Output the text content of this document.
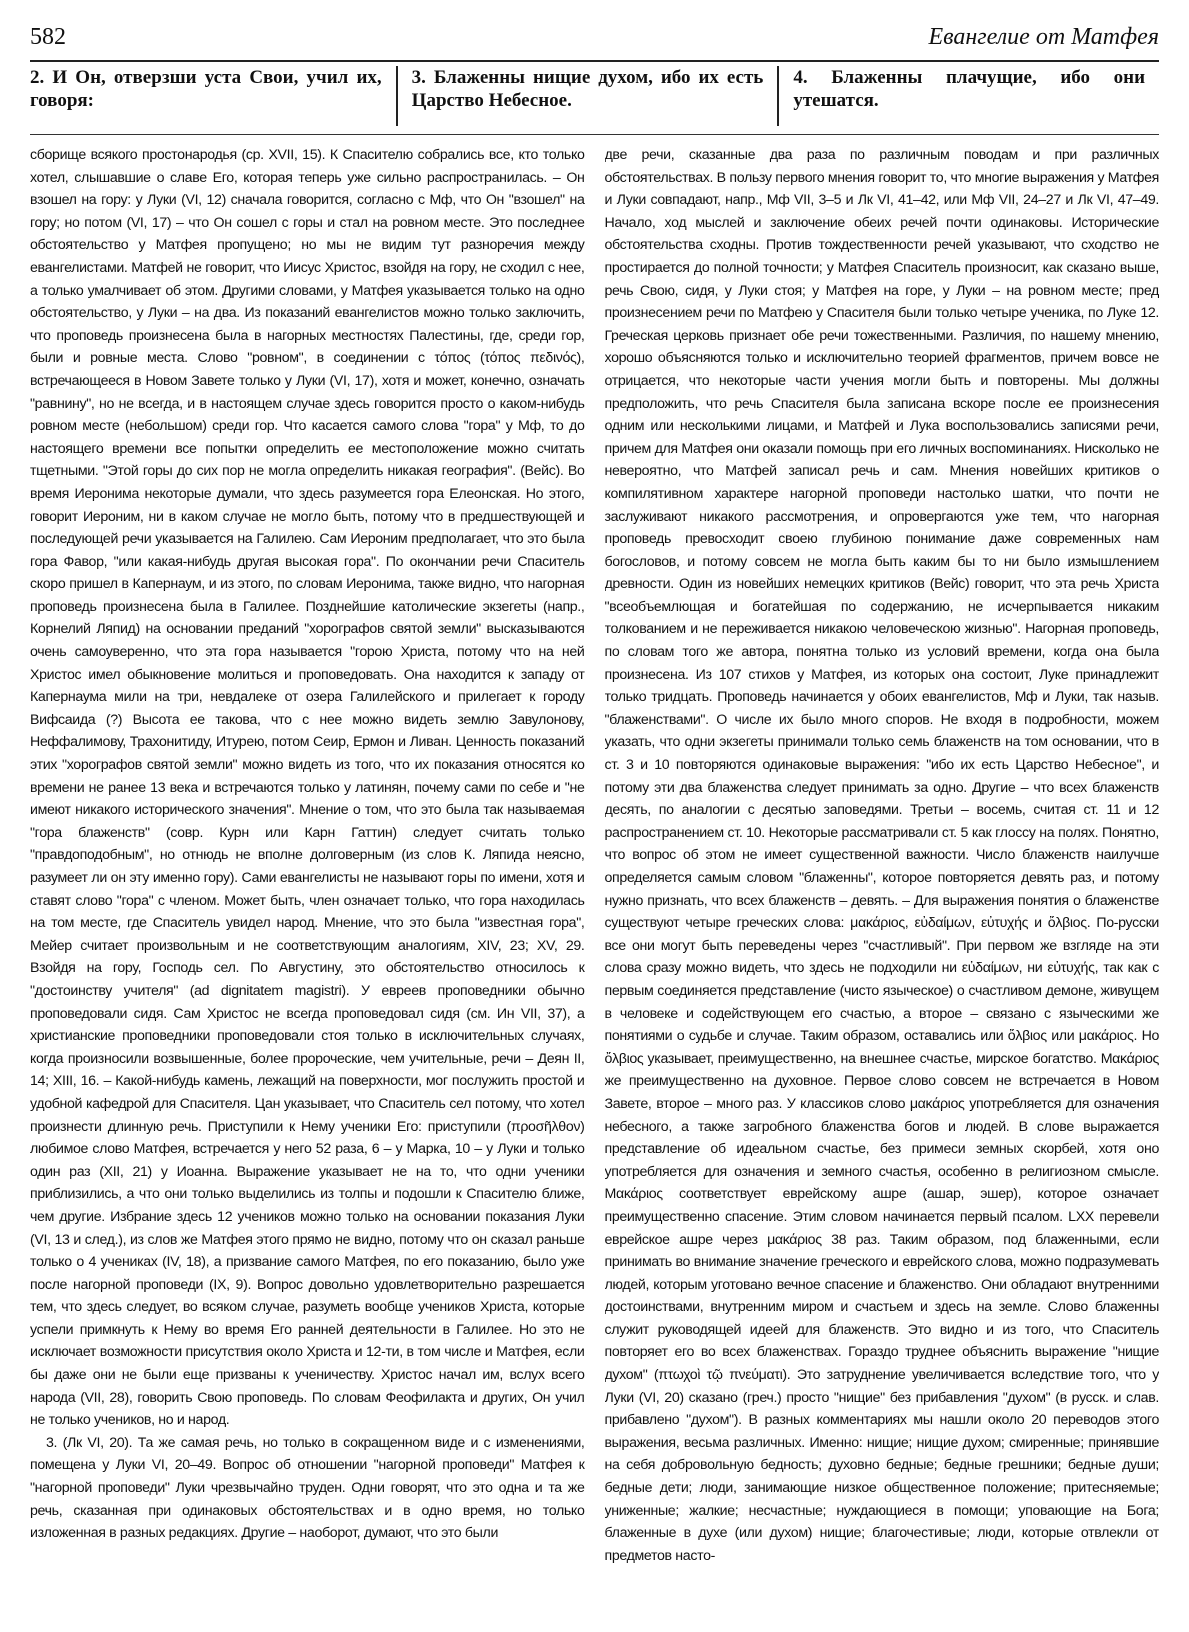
582	Евангелие от Матфея
2. И Он, отверзши уста Свои, учил их, говоря:
3. Блаженны нищие духом, ибо их есть Царство Небесное.
4. Блаженны плачущие, ибо они утешатся.

сборище всякого простонародья (ср. XVII, 15). К Спасителю собрались все, кто только хотел, слышавшие о славе Его, которая теперь уже сильно распространилась. – Он взошел на гору: у Луки (VI, 12) сначала говорится, согласно с Мф, что Он "взошел" на гору; но потом (VI, 17) – что Он сошел с горы и стал на ровном месте. Это последнее обстоятельство у Матфея пропущено; но мы не видим тут разноречия между евангелистами. Матфей не говорит, что Иисус Христос, взойдя на гору, не сходил с нее, а только умалчивает об этом. Другими словами, у Матфея указывается только на одно обстоятельство, у Луки – на два. Из показаний евангелистов можно только заключить, что проповедь произнесена была в нагорных местностях Палестины, где, среди гор, были и ровные места. Слово "ровном", в соединении с τόπος (τόπος πεδινός), встречающееся в Новом Завете только у Луки (VI, 17), хотя и может, конечно, означать "равнину", но не всегда, и в настоящем случае здесь говорится просто о каком-нибудь ровном месте (небольшом) среди гор. Что касается самого слова "гора" у Мф, то до настоящего времени все попытки определить ее местоположение можно считать тщетными. "Этой горы до сих пор не могла определить никакая география". (Вейс). Во время Иеронима некоторые думали, что здесь разумеется гора Елеонская. Но этого, говорит Иероним, ни в каком случае не могло быть, потому что в предшествующей и последующей речи указывается на Галилею. Сам Иероним предполагает, что это была гора Фавор, "или какая-нибудь другая высокая гора". По окончании речи Спаситель скоро пришел в Капернаум, и из этого, по словам Иеронима, также видно, что нагорная проповедь произнесена была в Галилее. Позднейшие католические экзегеты (напр., Корнелий Ляпид) на основании преданий "хорографов святой земли" высказываются очень самоуверенно, что эта гора называется "горою Христа, потому что на ней Христос имел обыкновение молиться и проповедовать. Она находится к западу от Капернаума мили на три, невдалеке от озера Галилейского и прилегает к городу Вифсаида (?) Высота ее такова, что с нее можно видеть землю Завулонову, Неффалимову, Трахонитиду, Итурею, потом Сеир, Ермон и Ливан. Ценность показаний этих "хорографов святой земли" можно видеть из того, что их показания относятся ко времени не ранее 13 века и встречаются только у латинян, почему сами по себе и "не имеют никакого исторического значения". Мнение о том, что это была так называемая "гора блаженств" (совр. Курн или Карн Гаттин) следует считать только "правдоподобным", но отнюдь не вполне долговерным (из слов К. Ляпида неясно, разумеет ли он эту именно гору). Сами евангелисты не называют горы по имени, хотя и ставят слово "гора" с членом. Может быть, член означает только, что гора находилась на том месте, где Спаситель увидел народ. Мнение, что это была "известная гора", Мейер считает произвольным и не соответствующим аналогиям, XIV, 23; XV, 29. Взойдя на гору, Господь сел. По Августину, это обстоятельство относилось к "достоинству учителя" (ad dignitatem magistri). У евреев проповедники обычно проповедовали сидя. Сам Христос не всегда проповедовал сидя (см. Ин VII, 37), а христианские проповедники проповедовали стоя только в исключительных случаях, когда произносили возвышенные, более пророческие, чем учительные, речи – Деян II, 14; XIII, 16. – Какой-нибудь камень, лежащий на поверхности, мог послужить простой и удобной кафедрой для Спасителя. Цан указывает, что Спаситель сел потому, что хотел произнести длинную речь. Приступили к Нему ученики Его: приступили (προσῆλθον) любимое слово Матфея, встречается у него 52 раза, 6 – у Марка, 10 – у Луки и только один раз (XII, 21) у Иоанна. Выражение указывает не на то, что одни ученики приблизились, а что они только выделились из толпы и подошли к Спасителю ближе, чем другие. Избрание здесь 12 учеников можно только на основании показания Луки (VI, 13 и след.), из слов же Матфея этого прямо не видно, потому что он сказал раньше только о 4 учениках (IV, 18), а призвание самого Матфея, по его показанию, было уже после нагорной проповеди (IX, 9). Вопрос довольно удовлетворительно разрешается тем, что здесь следует, во всяком случае, разуметь вообще учеников Христа, которые успели примкнуть к Нему во время Его ранней деятельности в Галилее. Но это не исключает возможности присутствия около Христа и 12-ти, в том числе и Матфея, если бы даже они не были еще призваны к ученичеству. Христос начал им, вслух всего народа (VII, 28), говорить Свою проповедь. По словам Феофилакта и других, Он учил не только учеников, но и народ.

3. (Лк VI, 20). Та же самая речь, но только в сокращенном виде и с изменениями, помещена у Луки VI, 20–49. Вопрос об отношении "нагорной проповеди" Матфея к "нагорной проповеди" Луки чрезвычайно труден. Одни говорят, что это одна и та же речь, сказанная при одинаковых обстоятельствах и в одно время, но только изложенная в разных редакциях. Другие – наоборот, думают, что это были

две речи, сказанные два раза по различным поводам и при различных обстоятельствах. В пользу первого мнения говорит то, что многие выражения у Матфея и Луки совпадают, напр., Мф VII, 3–5 и Лк VI, 41–42, или Мф VII, 24–27 и Лк VI, 47–49. Начало, ход мыслей и заключение обеих речей почти одинаковы. Исторические обстоятельства сходны. Против тождественности речей указывают, что сходство не простирается до полной точности; у Матфея Спаситель произносит, как сказано выше, речь Свою, сидя, у Луки стоя; у Матфея на горе, у Луки – на ровном месте; пред произнесением речи по Матфею у Спасителя были только четыре ученика, по Луке 12. Греческая церковь признает обе речи тожественными. Различия, по нашему мнению, хорошо объясняются только и исключительно теорией фрагментов, причем вовсе не отрицается, что некоторые части учения могли быть и повторены. Мы должны предположить, что речь Спасителя была записана вскоре после ее произнесения одним или несколькими лицами, и Матфей и Лука воспользовались записями речи, причем для Матфея они оказали помощь при его личных воспоминаниях. Нисколько не невероятно, что Матфей записал речь и сам. Мнения новейших критиков о компилятивном характере нагорной проповеди настолько шатки, что почти не заслуживают никакого рассмотрения, и опровергаются уже тем, что нагорная проповедь превосходит своею глубиною понимание даже современных нам богословов, и потому совсем не могла быть каким бы то ни было измышлением древности. Один из новейших немецких критиков (Вейс) говорит, что эта речь Христа "всеобъемлющая и богатейшая по содержанию, не исчерпывается никаким толкованием и не переживается никакою человеческою жизнью". Нагорная проповедь, по словам того же автора, понятна только из условий времени, когда она была произнесена. Из 107 стихов у Матфея, из которых она состоит, Луке принадлежит только тридцать. Проповедь начинается у обоих евангелистов, Мф и Луки, так назыв. "блаженствами". О числе их было много споров. Не входя в подробности, можем указать, что одни экзегеты принимали только семь блаженств на том основании, что в ст. 3 и 10 повторяются одинаковые выражения: "ибо их есть Царство Небесное", и потому эти два блаженства следует принимать за одно. Другие – что всех блаженств десять, по аналогии с десятью заповедями. Третьи – восемь, считая ст. 11 и 12 распространением ст. 10. Некоторые рассматривали ст. 5 как глоссу на полях. Понятно, что вопрос об этом не имеет существенной важности. Число блаженств наилучше определяется самым словом "блаженны", которое повторяется девять раз, и потому нужно признать, что всех блаженств – девять. – Для выражения понятия о блаженстве существуют четыре греческих слова: μακάριος, εὐδαίμων, εὐτυχής и ὄλβιος. По-русски все они могут быть переведены через "счастливый". При первом же взгляде на эти слова сразу можно видеть, что здесь не подходили ни εὐδαίμων, ни εὐτυχής, так как с первым соединяется представление (чисто языческое) о счастливом демоне, живущем в человеке и содействующем его счастью, а второе – связано с языческими же понятиями о судьбе и случае. Таким образом, оставались или ὄλβιος или μακάριος. Но ὄλβιος указывает, преимущественно, на внешнее счастье, мирское богатство. Μακάριος же преимущественно на духовное. Первое слово совсем не встречается в Новом Завете, второе – много раз. У классиков слово μακάριος употребляется для означения небесного, а также загробного блаженства богов и людей. В слове выражается представление об идеальном счастье, без примеси земных скорбей, хотя оно употребляется для означения и земного счастья, особенно в религиозном смысле. Μακάριος соответствует еврейскому ашре (ашар, эшер), которое означает преимущественно спасение. Этим словом начинается первый псалом. LXX перевели еврейское ашре через μακάριος 38 раз. Таким образом, под блаженными, если принимать во внимание значение греческого и еврейского слова, можно подразумевать людей, которым уготовано вечное спасение и блаженство. Они обладают внутренними достоинствами, внутренним миром и счастьем и здесь на земле. Слово блаженны служит руководящей идеей для блаженств. Это видно и из того, что Спаситель повторяет его во всех блаженствах. Гораздо труднее объяснить выражение "нищие духом" (πτωχοὶ τῷ πνεύματι). Это затруднение увеличивается вследствие того, что у Луки (VI, 20) сказано (греч.) просто "нищие" без прибавления "духом" (в русск. и слав. прибавлено "духом"). В разных комментариях мы нашли около 20 переводов этого выражения, весьма различных. Именно: нищие; нищие духом; смиренные; принявшие на себя добровольную бедность; духовно бедные; бедные грешники; бедные души; бедные дети; люди, занимающие низкое общественное положение; притесняемые; униженные; жалкие; несчастные; нуждающиеся в помощи; уповающие на Бога; блаженные в духе (или духом) нищие; благочестивые; люди, которые отвлекли от предметов насто-
